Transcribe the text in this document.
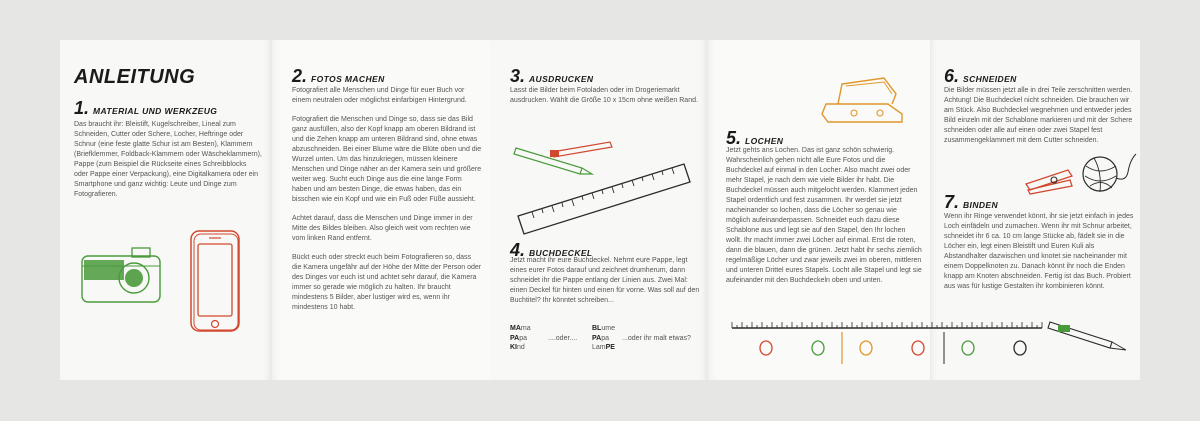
ANLEITUNG
1. MATERIAL UND WERKZEUG
Das braucht ihr: Bleistift, Kugelschreiber, Lineal zum Schneiden, Cutter oder Schere, Locher, Heftringe oder Schnur (eine feste glatte Schur ist am Besten), Klammern (Briefklemmer, Foldback-Klammern oder Wäscheklammern), Pappe (zum Beispiel die Rückseite eines Schreibblocks oder Pappe einer Verpackung), eine Digitalkamera oder ein Smartphone und ganz wichtig: Leute und Dinge zum Fotografieren.
2. FOTOS MACHEN

Fotografiert alle Menschen und Dinge für euer Buch vor einem neutralen oder möglichst einfarbigen Hintergrund.

Fotografiert die Menschen und Dinge so, dass sie das Bild ganz ausfüllen, also der Kopf knapp am oberen Bildrand ist und die Zehen knapp am unteren Bildrand sind, ohne etwas abzuschneiden. Bei einer Blume wäre die Blüte oben und die Wurzel unten. Um das hinzukriegen, müssen kleinere Menschen und Dinge näher an der Kamera sein und größere weiter weg. Sucht euch Dinge aus die eine lange Form haben und am besten Dinge, die etwas haben, das ein bisschen wie ein Kopf und wie ein Fuß oder Füße aussieht.

Achtet darauf, dass die Menschen und Dinge immer in der Mitte des Bildes bleiben. Also gleich weit vom rechten wie vom linken Rand entfernt.

Bückt euch oder streckt euch beim Fotografieren so, dass die Kamera ungefähr auf der Höhe der Mitte der Person oder des Dinges vor euch ist und achtet sehr darauf, die Kamera immer so gerade wie möglich zu halten. Ihr braucht mindestens 5 Bilder, aber lustiger wird es, wenn ihr mindestens 10 habt.

3. AUSDRUCKEN
Lasst die Bilder beim Fotoladen oder im Drogeriemarkt ausdrucken. Wählt die Größe 10 x 15cm ohne weißen Rand.
4. BUCHDECKEL
Jetzt macht ihr eure Buchdeckel. Nehmt eure Pappe, legt eines eurer Fotos darauf und zeichnet drumherum, dann schneidet ihr die Pappe entlang der Linien aus. Zwei Mal: einen Deckel für hinten und einen für vorne. Was soll auf den Buchtitel? Ihr könntet schreiben...
MAma
PApa
KInd
....oder....
BLume
PApa
LamPE
...oder ihr malt etwas?
5. LOCHEN
Jetzt gehts ans Lochen. Das ist ganz schön schwierig. Wahrscheinlich gehen nicht alle Eure Fotos und die Buchdeckel auf einmal in den Locher. Also macht zwei oder mehr Stapel, je nach dem wie viele Bilder ihr habt. Die Buchdeckel müssen auch mitgelocht werden. Klammert jeden Stapel ordentlich und fest zusammen. Ihr werdet sie jetzt nacheinander so lochen, dass die Löcher so genau wie möglich aufeinanderpassen. Schneidet euch dazu diese Schablone aus und legt sie auf den Stapel, den Ihr lochen wollt. Ihr macht immer zwei Löcher auf einmal. Erst die roten, dann die blauen, dann die grünen. Jetzt habt ihr sechs ziemlich regelmäßige Löcher und zwar jeweils zwei im oberen, mittleren und unteren Drittel eures Stapels. Locht alle Stapel und legt sie aufeinander mit den Buchdeckeln oben und unten.
6. SCHNEIDEN
Die Bilder müssen jetzt alle in drei Teile zerschnitten werden. Achtung! Die Buchdeckel nicht schneiden. Die brauchen wir am Stück. Also Buchdeckel wegnehmen und entweder jedes Bild einzeln mit der Schablone markieren und mit der Schere schneiden oder alle auf einen oder zwei Stapel fest zusammengeklammert mit dem Cutter schneiden.
7. BINDEN
Wenn ihr Ringe verwendet könnt, ihr sie jetzt einfach in jedes Loch einfädeln und zumachen. Wenn ihr mit Schnur arbeitet, schneidet ihr 6 ca. 10 cm lange Stücke ab, fädelt sie in die Löcher ein, legt einen Bleistift und Euren Kuli als Abstandhalter dazwischen und knotet sie nacheinander mit einem Doppelknoten zu. Danach könnt ihr noch die Enden knapp am Knoten abschneiden. Fertig ist das Buch. Probiert aus was für lustige Gestalten ihr kombinieren könnt.
